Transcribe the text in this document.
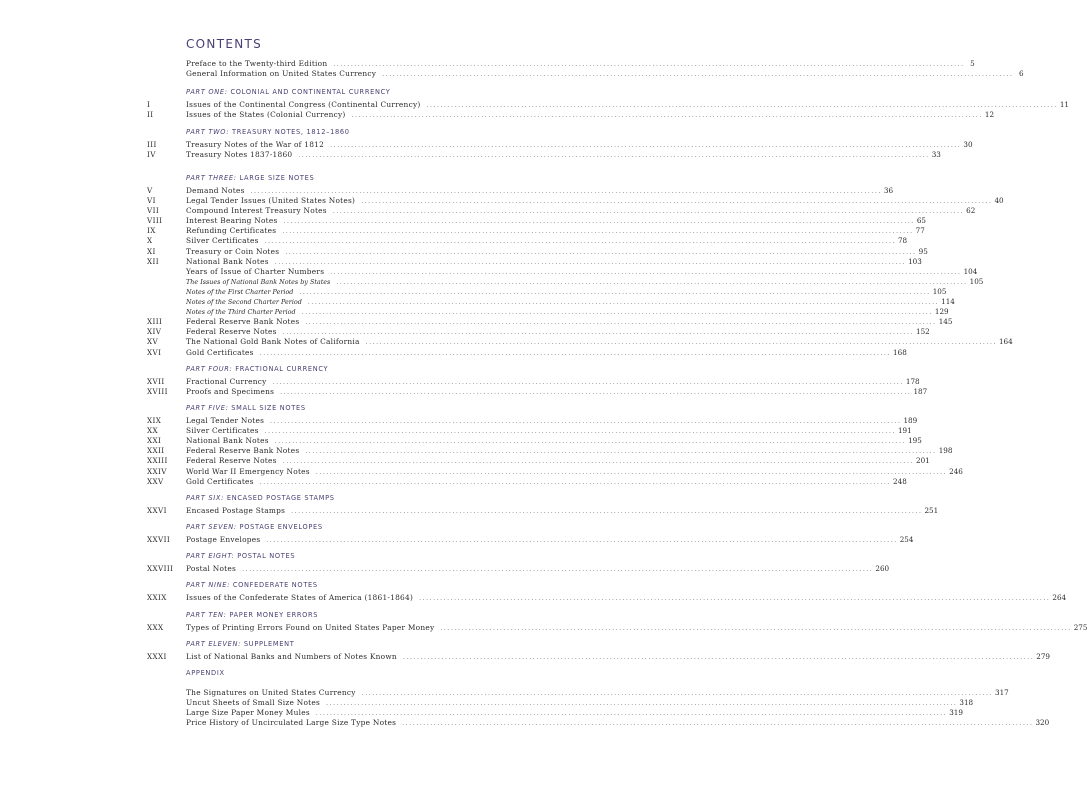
CONTENTS
Preface to the Twenty-third Edition .................................................................................................................................................................................... 5
General Information on United States Currency .................................................................................................................................................................................... 6
PART ONE: COLONIAL AND CONTINENTAL CURRENCY
I	Issues of the Continental Congress (Continental Currency) .................................................................................................................................................................................... 11
II	Issues of the States (Colonial Currency) .................................................................................................................................................................................... 12
PART TWO: TREASURY NOTES, 1812–1860
III	Treasury Notes of the War of 1812 .................................................................................................................................................................................... 30
IV	Treasury Notes 1837-1860 .................................................................................................................................................................................... 33
PART THREE: LARGE SIZE NOTES
V	Demand Notes .................................................................................................................................................................................... 36
VI	Legal Tender Issues (United States Notes) .................................................................................................................................................................................... 40
VII	Compound Interest Treasury Notes .................................................................................................................................................................................... 62
VIII	Interest Bearing Notes .................................................................................................................................................................................... 65
IX	Refunding Certificates .................................................................................................................................................................................... 77
X	Silver Certificates .................................................................................................................................................................................... 78
XI	Treasury or Coin Notes .................................................................................................................................................................................... 95
XII	National Bank Notes .................................................................................................................................................................................... 103
Years of Issue of Charter Numbers .................................................................................................................................................................................... 104
The Issues of National Bank Notes by States .................................................................................................................................................................................... 105
Notes of the First Charter Period .................................................................................................................................................................................... 105
Notes of the Second Charter Period .................................................................................................................................................................................... 114
Notes of the Third Charter Period .................................................................................................................................................................................... 129
XIII	Federal Reserve Bank Notes .................................................................................................................................................................................... 145
XIV	Federal Reserve Notes .................................................................................................................................................................................... 152
XV	The National Gold Bank Notes of California .................................................................................................................................................................................... 164
XVI	Gold Certificates .................................................................................................................................................................................... 168
PART FOUR: FRACTIONAL CURRENCY
XVII	Fractional Currency .................................................................................................................................................................................... 178
XVIII Proofs and Specimens .................................................................................................................................................................................... 187
PART FIVE: SMALL SIZE NOTES
XIX	Legal Tender Notes .................................................................................................................................................................................... 189
XX	Silver Certificates .................................................................................................................................................................................... 191
XXI	National Bank Notes .................................................................................................................................................................................... 195
XXII	Federal Reserve Bank Notes .................................................................................................................................................................................... 198
XXIII Federal Reserve Notes .................................................................................................................................................................................... 201
XXIV	World War II Emergency Notes .................................................................................................................................................................................... 246
XXV	Gold Certificates .................................................................................................................................................................................... 248
PART SIX: ENCASED POSTAGE STAMPS
XXVI	Encased Postage Stamps .................................................................................................................................................................................... 251
PART SEVEN: POSTAGE ENVELOPES
XXVII Postage Envelopes .................................................................................................................................................................................... 254
PART EIGHT: POSTAL NOTES
XXVIII Postal Notes .................................................................................................................................................................................... 260
PART NINE: CONFEDERATE NOTES
XXIX	Issues of the Confederate States of America (1861-1864) .................................................................................................................................................................................... 264
PART TEN: PAPER MONEY ERRORS
XXX	Types of Printing Errors Found on United States Paper Money .................................................................................................................................................................................... 275
PART ELEVEN: SUPPLEMENT
XXXI	List of National Banks and Numbers of Notes Known .................................................................................................................................................................................... 279
APPENDIX
The Signatures on United States Currency .................................................................................................................................................................................... 317
Uncut Sheets of Small Size Notes .................................................................................................................................................................................... 318
Large Size Paper Money Mules .................................................................................................................................................................................... 319
Price History of Uncirculated Large Size Type Notes .................................................................................................................................................................................... 320
